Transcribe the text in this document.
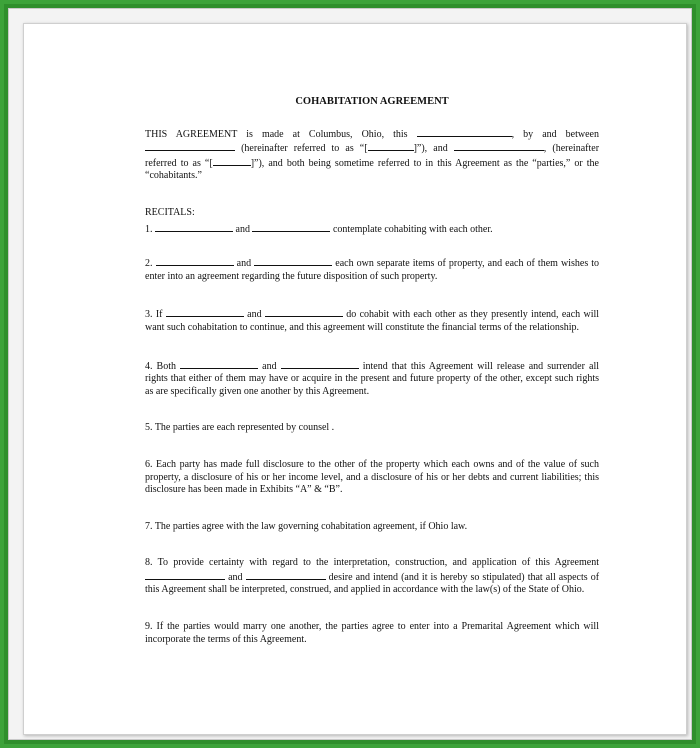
COHABITATION AGREEMENT

THIS AGREEMENT is made at Columbus, Ohio, this	, by and between  (hereinafter referred to as “[	]”), and	, (hereinafter referred to as “[	]”), and both being sometime referred to in this Agreement as the “parties,” or the “cohabitants.”

RECITALS:

1.	and	contemplate cohabiting with each other.

2.	and	each own separate items of property, and each of them wishes to enter into an agreement regarding the future disposition of such property.

3. If	and	do cohabit with each other as they presently intend, each will want such cohabitation to continue, and this agreement will constitute the financial terms of the relationship.

4. Both	and	intend that this Agreement will release and surrender all rights that either of them may have or acquire in the present and future property of the other, except such rights as are specifically given one another by this Agreement.

5. The parties are each represented by counsel .

6. Each party has made full disclosure to the other of the property which each owns and of the value of such property, a disclosure of his or her income level, and a disclosure of his or her debts and current liabilities; this disclosure has been made in Exhibits “A” & “B”.

7. The parties agree with the law governing cohabitation agreement, if Ohio law.

8. To provide certainty with regard to the interpretation, construction, and application of this Agreement  and	desire and intend (and it is hereby so stipulated) that all aspects of this Agreement shall be interpreted, construed, and applied in accordance with the law(s) of the State of Ohio.

9. If the parties would marry one another, the parties agree to enter into a Premarital Agreement which will incorporate the terms of this Agreement.
